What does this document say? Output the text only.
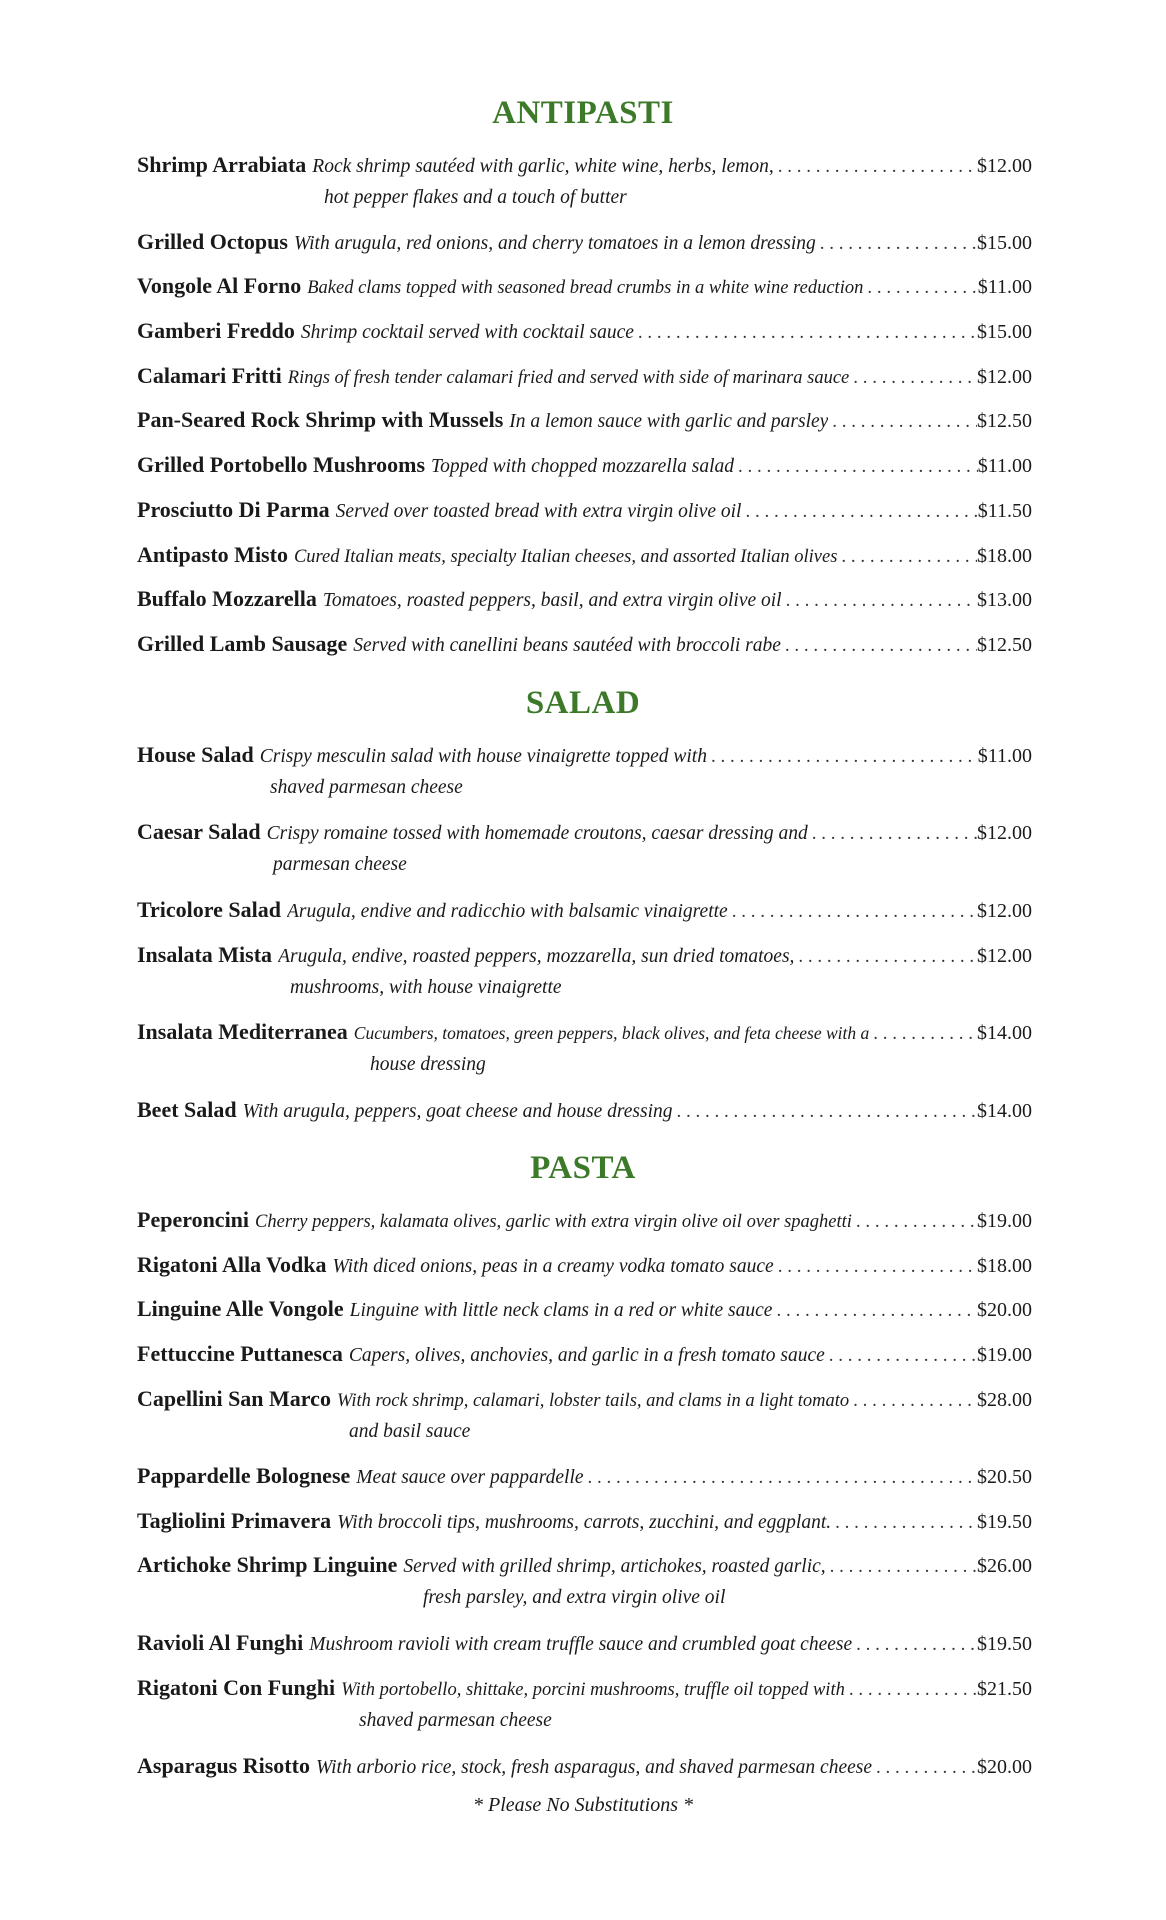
ANTIPASTI
Shrimp Arrabiata Rock shrimp sautéed with garlic, white wine, herbs, lemon, . . .	$12.00
hot pepper flakes and a touch of butter
Grilled Octopus With arugula, red onions, and cherry tomatoes in a lemon dressing . . .	$15.00
Vongole Al Forno Baked clams topped with seasoned bread crumbs in a white wine reduction . . .	$11.00
Gamberi Freddo Shrimp cocktail served with cocktail sauce . . .	$15.00
Calamari Fritti Rings of fresh tender calamari fried and served with side of marinara sauce . . .	$12.00
Pan-Seared Rock Shrimp with Mussels In a lemon sauce with garlic and parsley . . .	$12.50
Grilled Portobello Mushrooms Topped with chopped mozzarella salad . . .	$11.00
Prosciutto Di Parma Served over toasted bread with extra virgin olive oil . . .	$11.50
Antipasto Misto Cured Italian meats, specialty Italian cheeses, and assorted Italian olives . . .	$18.00
Buffalo Mozzarella Tomatoes, roasted peppers, basil, and extra virgin olive oil . . .	$13.00
Grilled Lamb Sausage Served with canellini beans sautéed with broccoli rabe . . .	$12.50
SALAD
House Salad Crispy mesculin salad with house vinaigrette topped with . . .	$11.00
shaved parmesan cheese
Caesar Salad Crispy romaine tossed with homemade croutons, caesar dressing and . . .	$12.00
parmesan cheese
Tricolore Salad Arugula, endive and radicchio with balsamic vinaigrette . . .	$12.00
Insalata Mista Arugula, endive, roasted peppers, mozzarella, sun dried tomatoes, . . .	$12.00
mushrooms, with house vinaigrette
Insalata Mediterranea Cucumbers, tomatoes, green peppers, black olives, and feta cheese with a . . .	$14.00
house dressing
Beet Salad With arugula, peppers, goat cheese and house dressing . . .	$14.00
PASTA
Peperoncini Cherry peppers, kalamata olives, garlic with extra virgin olive oil over spaghetti . . .	$19.00
Rigatoni Alla Vodka With diced onions, peas in a creamy vodka tomato sauce . . .	$18.00
Linguine Alle Vongole Linguine with little neck clams in a red or white sauce . . .	$20.00
Fettuccine Puttanesca Capers, olives, anchovies, and garlic in a fresh tomato sauce . . .	$19.00
Capellini San Marco With rock shrimp, calamari, lobster tails, and clams in a light tomato . . .	$28.00
and basil sauce
Pappardelle Bolognese Meat sauce over pappardelle . . .	$20.50
Tagliolini Primavera With broccoli tips, mushrooms, carrots, zucchini, and eggplant. . . .	$19.50
Artichoke Shrimp Linguine Served with grilled shrimp, artichokes, roasted garlic, . . .	$26.00
fresh parsley, and extra virgin olive oil
Ravioli Al Funghi Mushroom ravioli with cream truffle sauce and crumbled goat cheese . . .	$19.50
Rigatoni Con Funghi With portobello, shittake, porcini mushrooms, truffle oil topped with . . .	$21.50
shaved parmesan cheese
Asparagus Risotto With arborio rice, stock, fresh asparagus, and shaved parmesan cheese . . .	$20.00
* Please No Substitutions *
